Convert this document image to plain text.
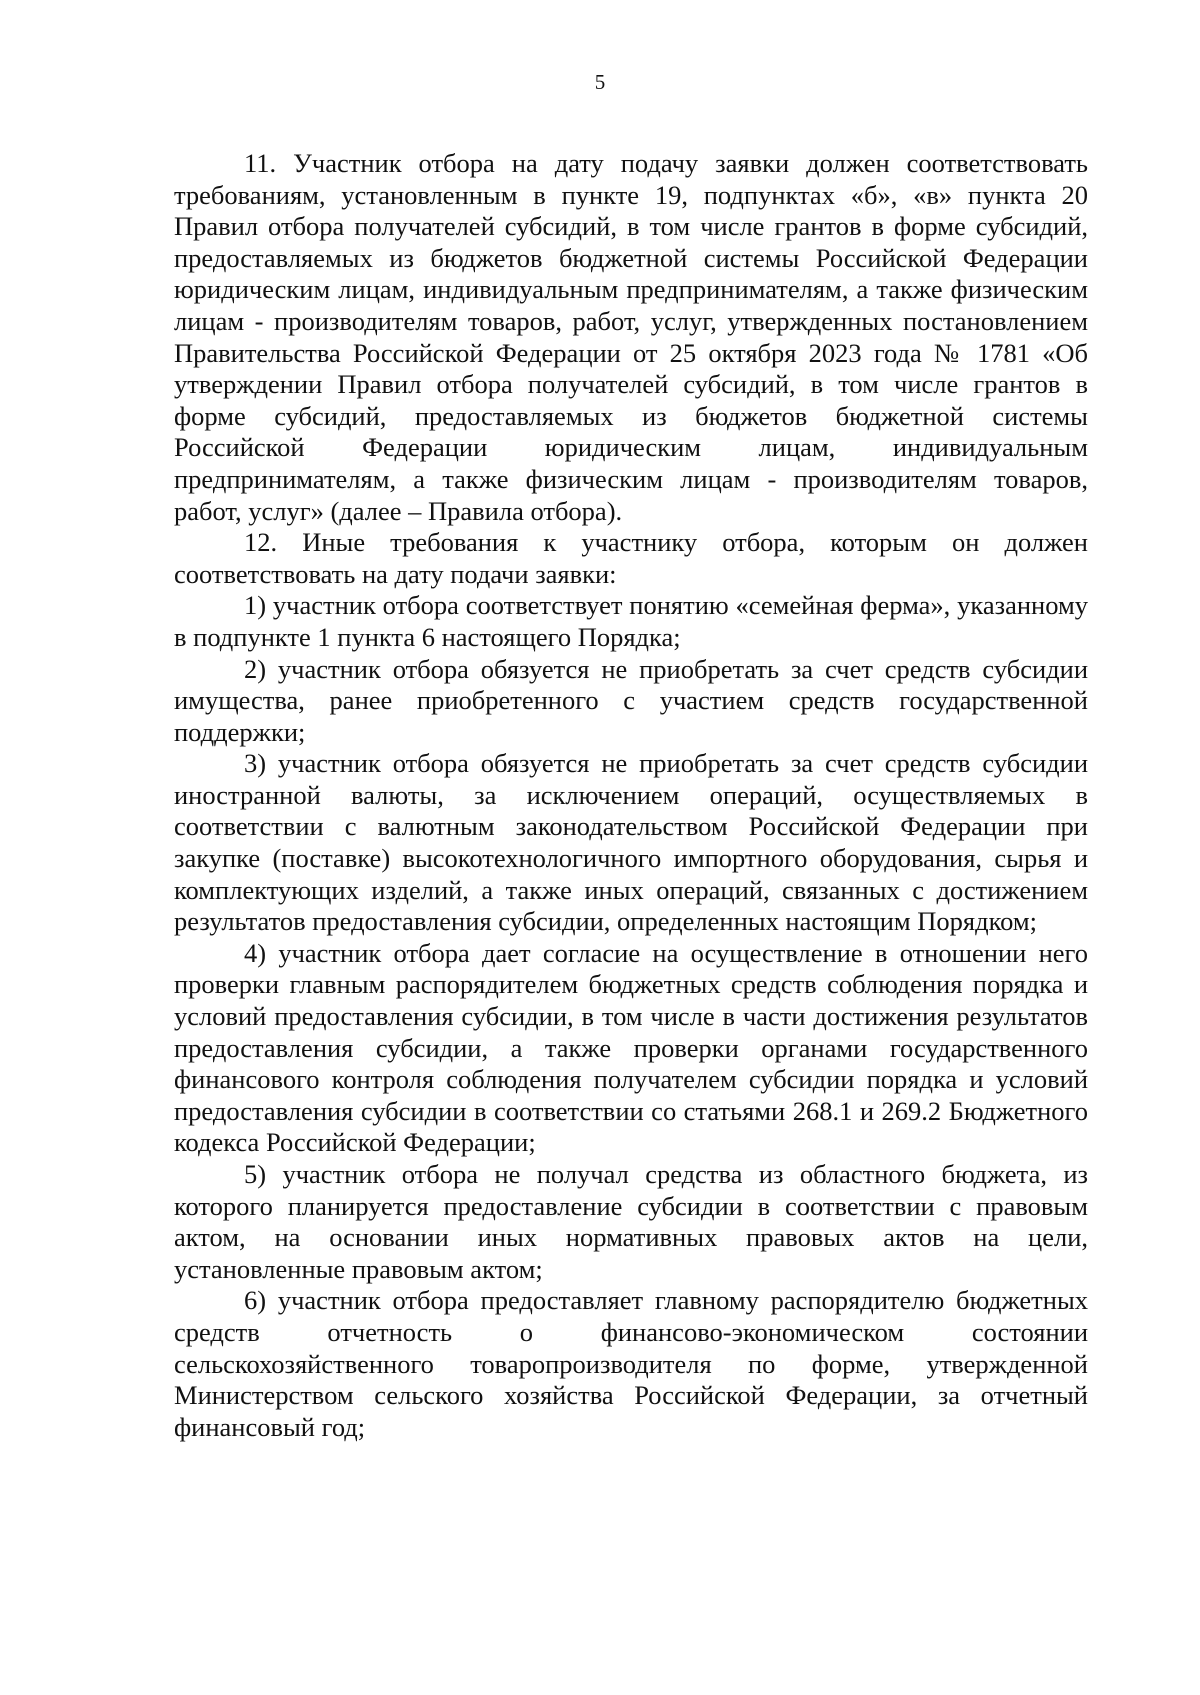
5

11. Участник отбора на дату подачу заявки должен соответствовать требованиям, установленным в пункте 19, подпунктах «б», «в» пункта 20 Правил отбора получателей субсидий, в том числе грантов в форме субсидий, предоставляемых из бюджетов бюджетной системы Российской Федерации юридическим лицам, индивидуальным предпринимателям, а также физическим лицам - производителям товаров, работ, услуг, утвержденных постановлением Правительства Российской Федерации от 25 октября 2023 года № 1781 «Об утверждении Правил отбора получателей субсидий, в том числе грантов в форме субсидий, предоставляемых из бюджетов бюджетной системы Российской Федерации юридическим лицам, индивидуальным предпринимателям, а также физическим лицам - производителям товаров, работ, услуг» (далее – Правила отбора).

12. Иные требования к участнику отбора, которым он должен соответствовать на дату подачи заявки:

1) участник отбора соответствует понятию «семейная ферма», указанному в подпункте 1 пункта 6 настоящего Порядка;

2) участник отбора обязуется не приобретать за счет средств субсидии имущества, ранее приобретенного с участием средств государственной поддержки;

3) участник отбора обязуется не приобретать за счет средств субсидии иностранной валюты, за исключением операций, осуществляемых в соответствии с валютным законодательством Российской Федерации при закупке (поставке) высокотехнологичного импортного оборудования, сырья и комплектующих изделий, а также иных операций, связанных с достижением результатов предоставления субсидии, определенных настоящим Порядком;

4) участник отбора дает согласие на осуществление в отношении него проверки главным распорядителем бюджетных средств соблюдения порядка и условий предоставления субсидии, в том числе в части достижения результатов предоставления субсидии, а также проверки органами государственного финансового контроля соблюдения получателем субсидии порядка и условий предоставления субсидии в соответствии со статьями 268.1 и 269.2 Бюджетного кодекса Российской Федерации;

5) участник отбора не получал средства из областного бюджета, из которого планируется предоставление субсидии в соответствии с правовым актом, на основании иных нормативных правовых актов на цели, установленные правовым актом;

6) участник отбора предоставляет главному распорядителю бюджетных средств отчетность о финансово-экономическом состоянии сельскохозяйственного товаропроизводителя по форме, утвержденной Министерством сельского хозяйства Российской Федерации, за отчетный финансовый год;
